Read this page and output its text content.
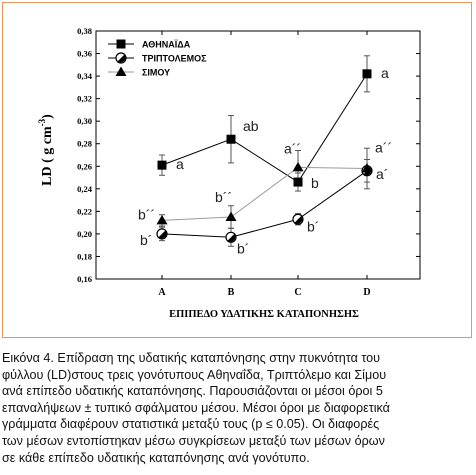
0,16
0,18
0,20
0,22
0,24
0,26
0,28
0,30
0,32
0,34
0,36
0,38
A	B	C	D
a
ab
b
a
b´
b´
b´
a´
b´´
b´´
a´´	a´´
ΑΘΗΝΑΪΔΑ
ΤΡΙΠΤΟΛΕΜΟΣ
ΣΙΜΟΥ
LD ( g $cm^{-3}$)
ΕΠΙΠΕΔΟ ΥΔΑΤΙΚΗΣ ΚΑΤΑΠΟΝΗΣΗΣ
Εικόνα 4. Επίδραση της υδατικής καταπόνησης στην πυκνότητα του
φύλλου (LD)στους τρεις γονότυπους Αθηναΐδα, Τριπτόλεμο και Σίμου
ανά επίπεδο υδατικής καταπόνησης. Παρουσιάζονται οι μέσοι όροι 5
επαναλήψεων ± τυπικό σφάλματου μέσου. Μέσοι όροι με διαφορετικά
γράμματα διαφέρουν στατιστικά μεταξύ τους (p ≤ 0.05). Οι διαφορές
των μέσων εντοπίστηκαν μέσω συγκρίσεων μεταξύ των μέσων όρων
σε κάθε επίπεδο υδατικής καταπόνησης ανά γονότυπο.
